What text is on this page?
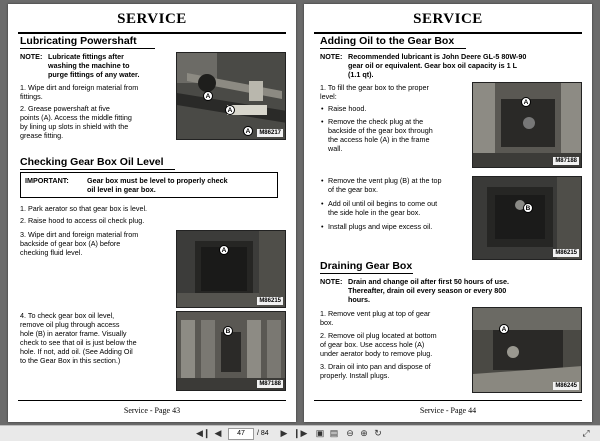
SERVICE
Lubricating Powershaft
NOTE: Lubricate fittings after
washing the machine to
purge fittings of any water.
1. Wipe dirt and foreign material from
fittings.
2. Grease powershaft at five
points (A). Access the middle fitting
by lining up slots in shield with the
grease fitting.
A
A
A	M86217
Checking Gear Box Oil Level
IMPORTANT:	Gear box must be level to properly check
oil level in gear box.
1. Park aerator so that gear box is level.
2. Raise hood to access oil check plug.
3. Wipe dirt and foreign material from
backside of gear box (A) before
checking fluid level.	A
M86215
4. To check gear box oil level,
remove oil plug through access
hole (B) in aerator frame. Visually
check to see that oil is just below the
hole. If not, add oil. (See Adding Oil
to the Gear Box in this section.)
B
M87188
Service - Page 43
SERVICE
Adding Oil to the Gear Box
NOTE: Recommended lubricant is John Deere GL-5 80W-90
gear oil or equivalent. Gear box oil capacity is 1 L
(1.1 qt).
1. To fill the gear box to the proper
level:
• Raise hood.
• Remove the check plug at the
backside of the gear box through
the access hole (A) in the frame
wall.
A
M87188
• Remove the vent plug (B) at the top
of the gear box.
• Add oil until oil begins to come out
the side hole in the gear box.
• Install plugs and wipe excess oil.
B
M86215
Draining Gear Box
NOTE: Drain and change oil after first 50 hours of use.
Thereafter, drain oil every season or every 800
hours.
1. Remove vent plug at top of gear
box.
2. Remove oil plug located at bottom
of gear box. Use access hole (A)
under aerator body to remove plug.
3. Drain oil into pan and dispose of
properly. Install plugs.
A
M86245
Service - Page 44
◀❙ ◀	47	/ 84 ▶ ❙▶ ▣ ▤ ⊖ ⊕ ↻	⤢
